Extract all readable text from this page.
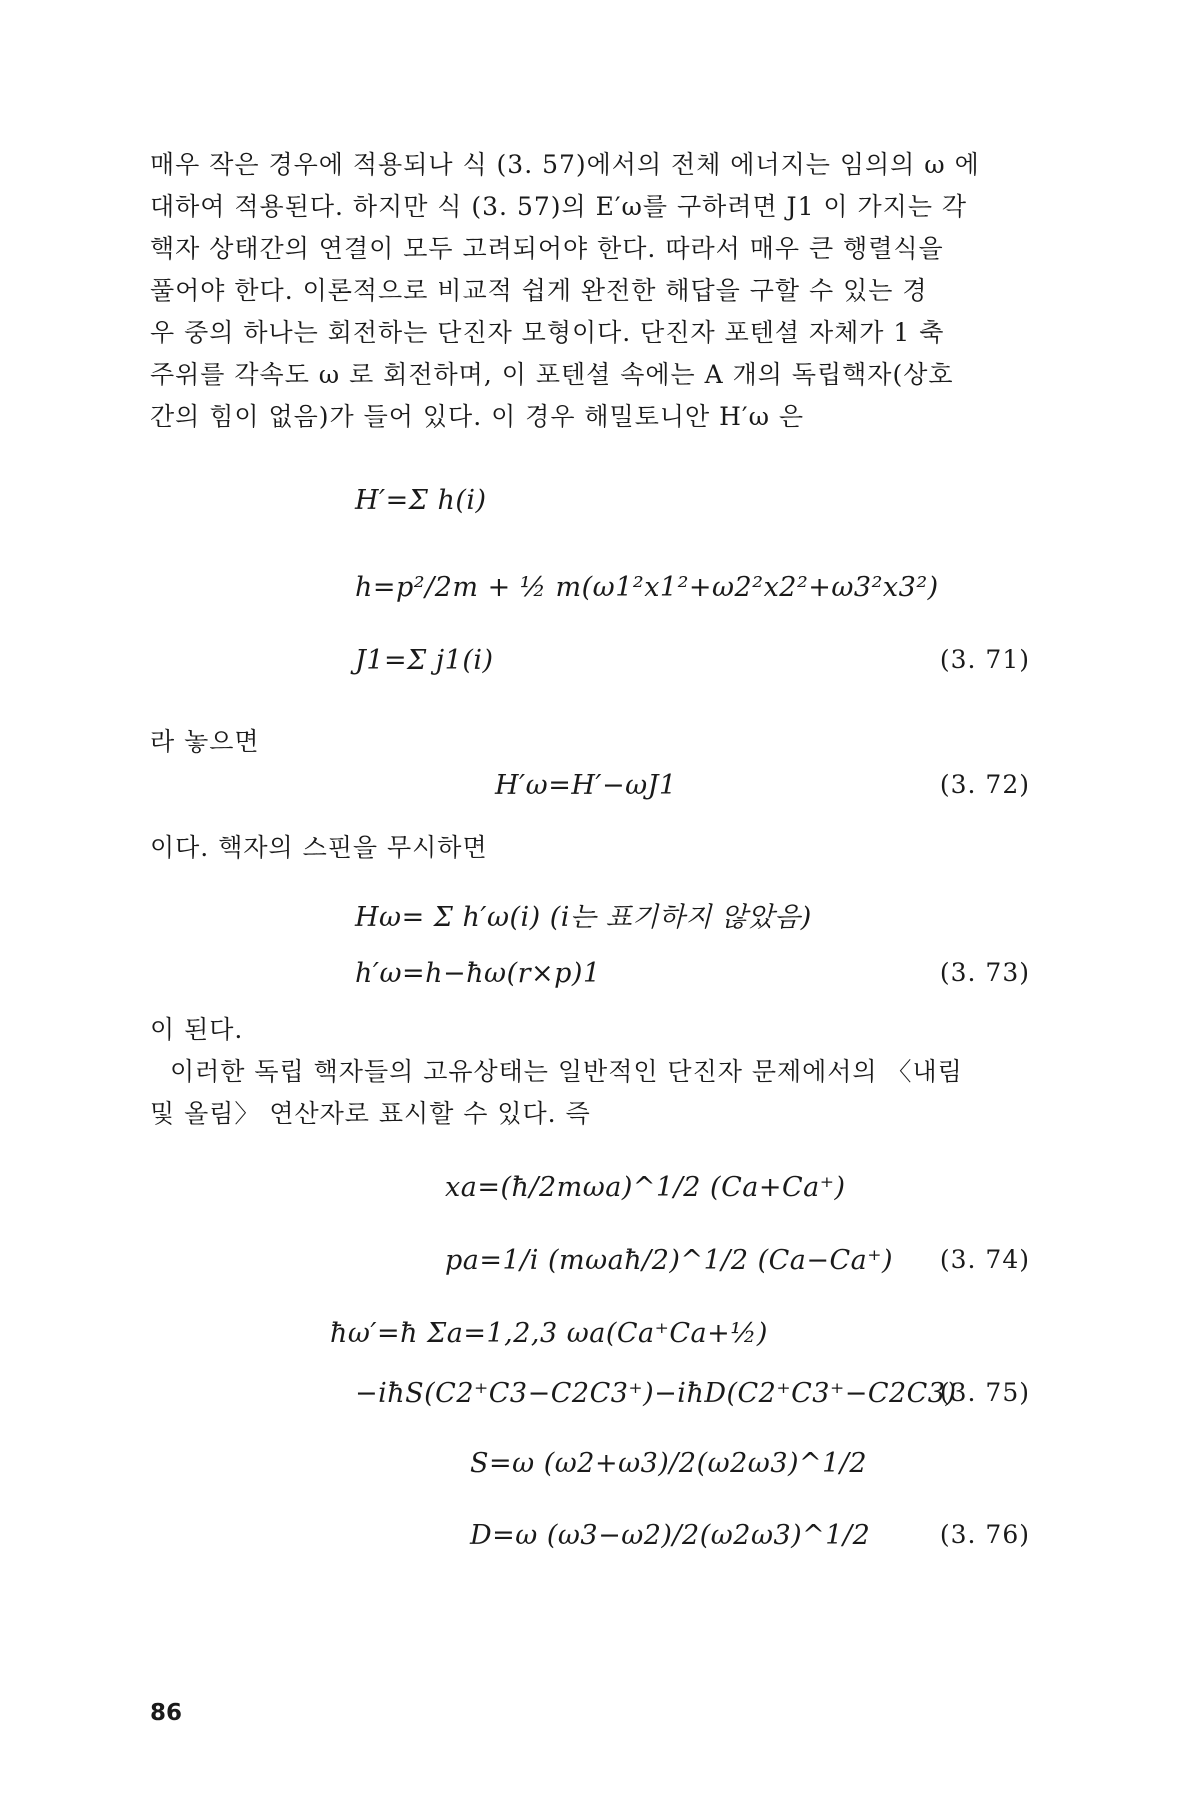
매우 작은 경우에 적용되나 식 (3. 57)에서의 전체 에너지는 임의의 ω 에
대하여 적용된다. 하지만 식 (3. 57)의 E′ω를 구하려면 J1 이 가지는 각
핵자 상태간의 연결이 모두 고려되어야 한다. 따라서 매우 큰 행렬식을
풀어야 한다. 이론적으로 비교적 쉽게 완전한 해답을 구할 수 있는 경
우 중의 하나는 회전하는 단진자 모형이다. 단진자 포텐셜 자체가 1 축
주위를 각속도 ω 로 회전하며, 이 포텐셜 속에는 A 개의 독립핵자(상호
간의 힘이 없음)가 들어 있다. 이 경우 해밀토니안 H′ω 은
H′=Σ h(i)
h=p²/2m + ½ m(ω1²x1²+ω2²x2²+ω3²x3²)
J1=Σ j1(i)	(3. 71)
라 놓으면
H′ω=H′−ωJ1	(3. 72)
이다. 핵자의 스핀을 무시하면
Hω= Σ h′ω(i) (i는 표기하지 않았음)
h′ω=h−ħω(r×p)1	(3. 73)
이 된다.
이러한 독립 핵자들의 고유상태는 일반적인 단진자 문제에서의 〈내림
및 올림〉 연산자로 표시할 수 있다. 즉
xa=(ħ/2mωa)^1/2 (Ca+Ca⁺)
pa=1/i (mωaħ/2)^1/2 (Ca−Ca⁺) (3. 74)
ħω′=ħ Σa=1,2,3 ωa(Ca⁺Ca+½)
−iħS(C2⁺C3−C2C3⁺)−iħD(C2⁺C3⁺−C2C3)
(3. 75)
S=ω (ω2+ω3)/2(ω2ω3)^1/2
D=ω (ω3−ω2)/2(ω2ω3)^1/2	(3. 76)
86
